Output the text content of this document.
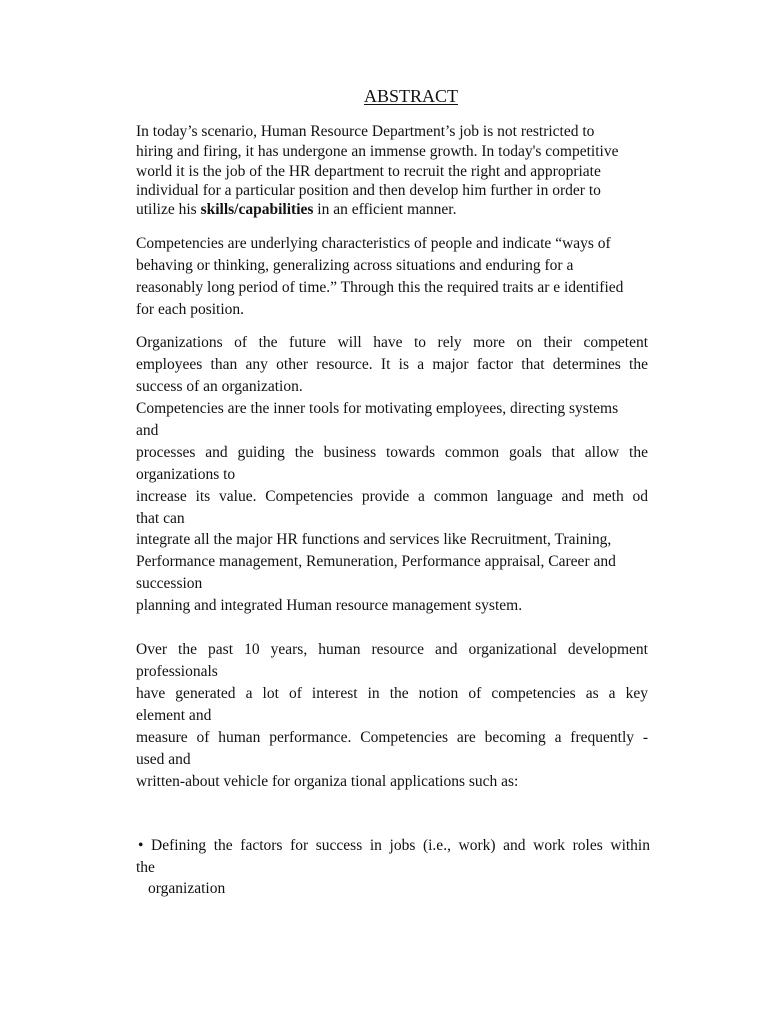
ABSTRACT
In today’s scenario, Human Resource Department’s job is not restricted to
hiring and firing, it has undergone an immense growth. In today's competitive
world it is the job of the HR department to recruit the right and appropriate
individual for a particular position and then develop him further in order to
utilize his skills/capabilities in an efficient manner.
Competencies are underlying characteristics of people and indicate “ways of
behaving or thinking, generalizing across situations and enduring for a
reasonably long period of time.” Through this the required traits ar e identified
for each position.
Organizations of the future will have to rely more on their competent
employees than any other resource. It is a major factor that determines the
success of an organization.
Competencies are the inner tools for motivating employees, directing systems
and
processes and guiding the business towards common goals that allow the
organizations to
increase its value. Competencies provide a common language and meth od
that can
integrate all the major HR functions and services like Recruitment, Training,
Performance management, Remuneration, Performance appraisal, Career and
succession
planning and integrated Human resource management system.
Over the past 10 years, human resource and organizational development
professionals
have generated a lot of interest in the notion of competencies as a key
element and
measure of human performance. Competencies are becoming a frequently -
used and
written-about vehicle for organiza tional applications such as:
• Defining the factors for success in jobs (i.e., work) and work roles within
the
organization
